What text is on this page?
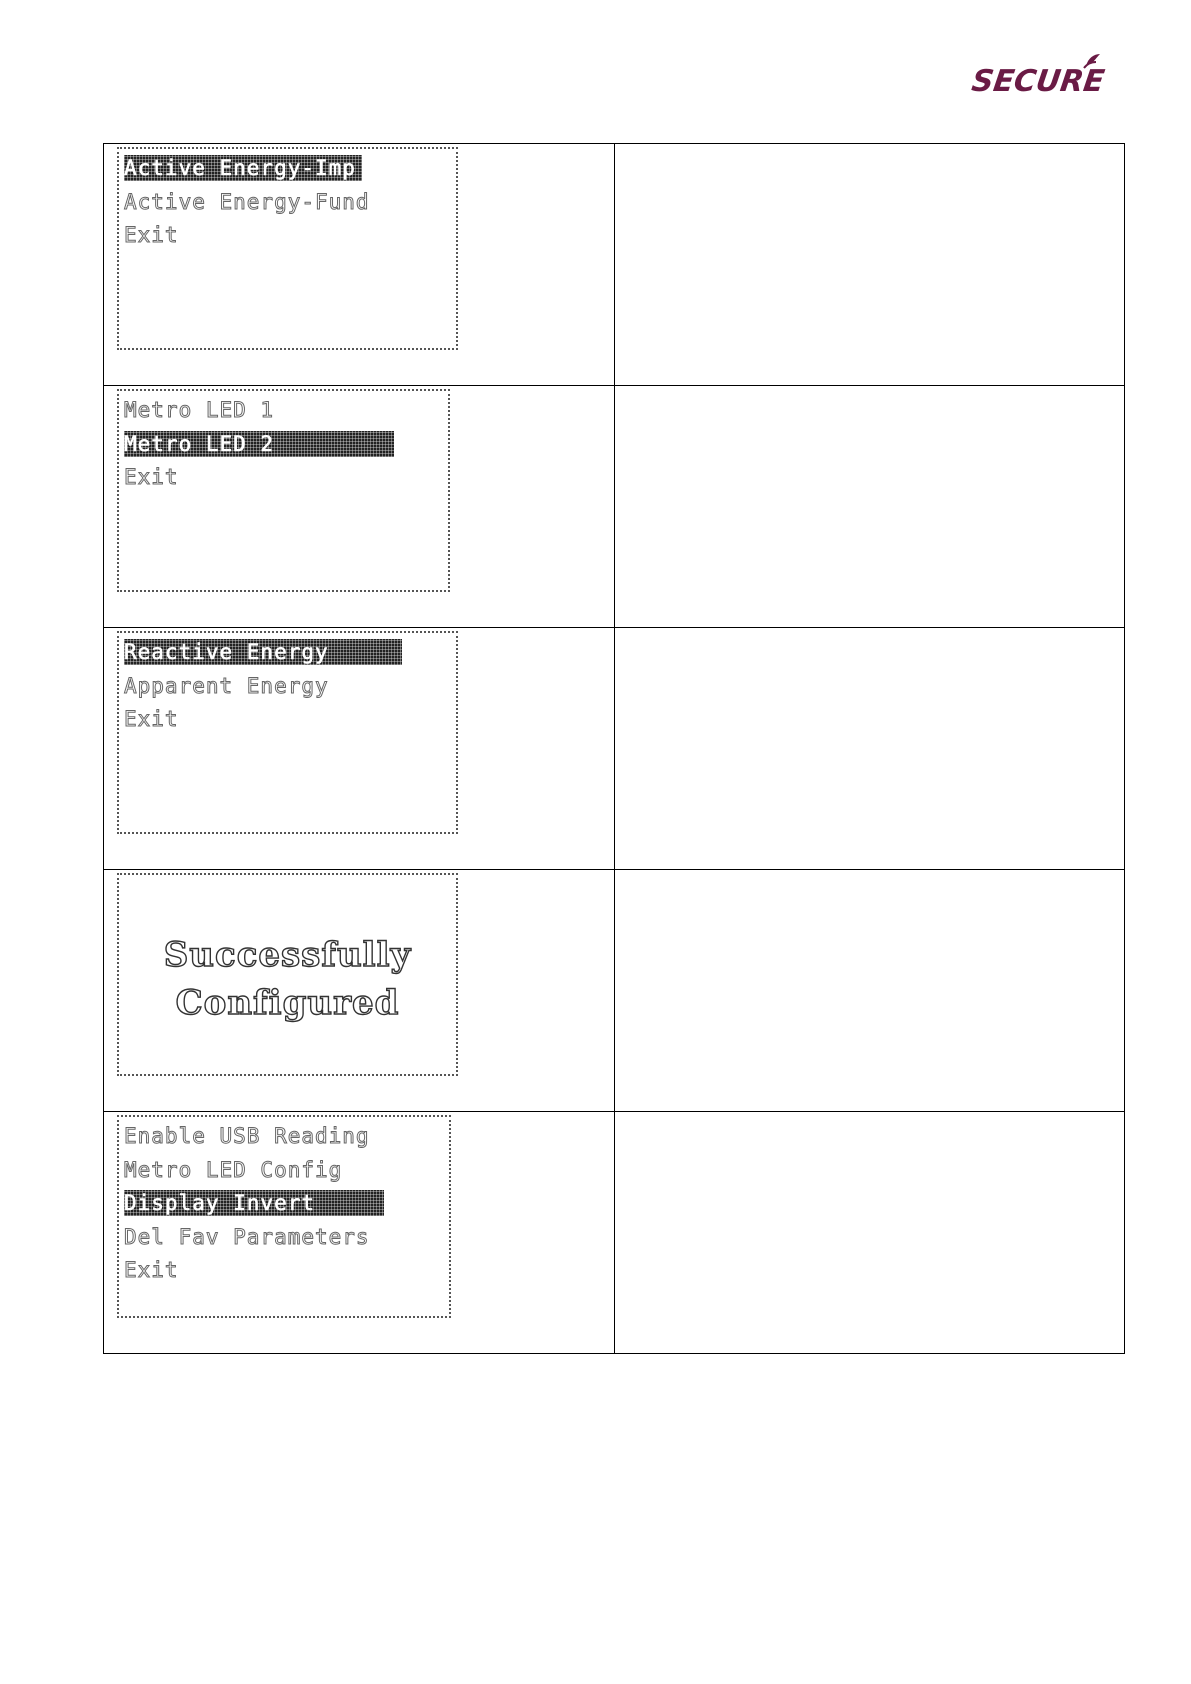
SECURE
Active Energy-Imp
Active Energy-Fund
Exit	

Metro LED 1
Metro LED 2
Exit	

Reactive Energy
Apparent Energy
Exit	

Successfully
Configured	

Enable USB Reading
Metro LED Config
Display Invert
Del Fav Parameters
Exit	
